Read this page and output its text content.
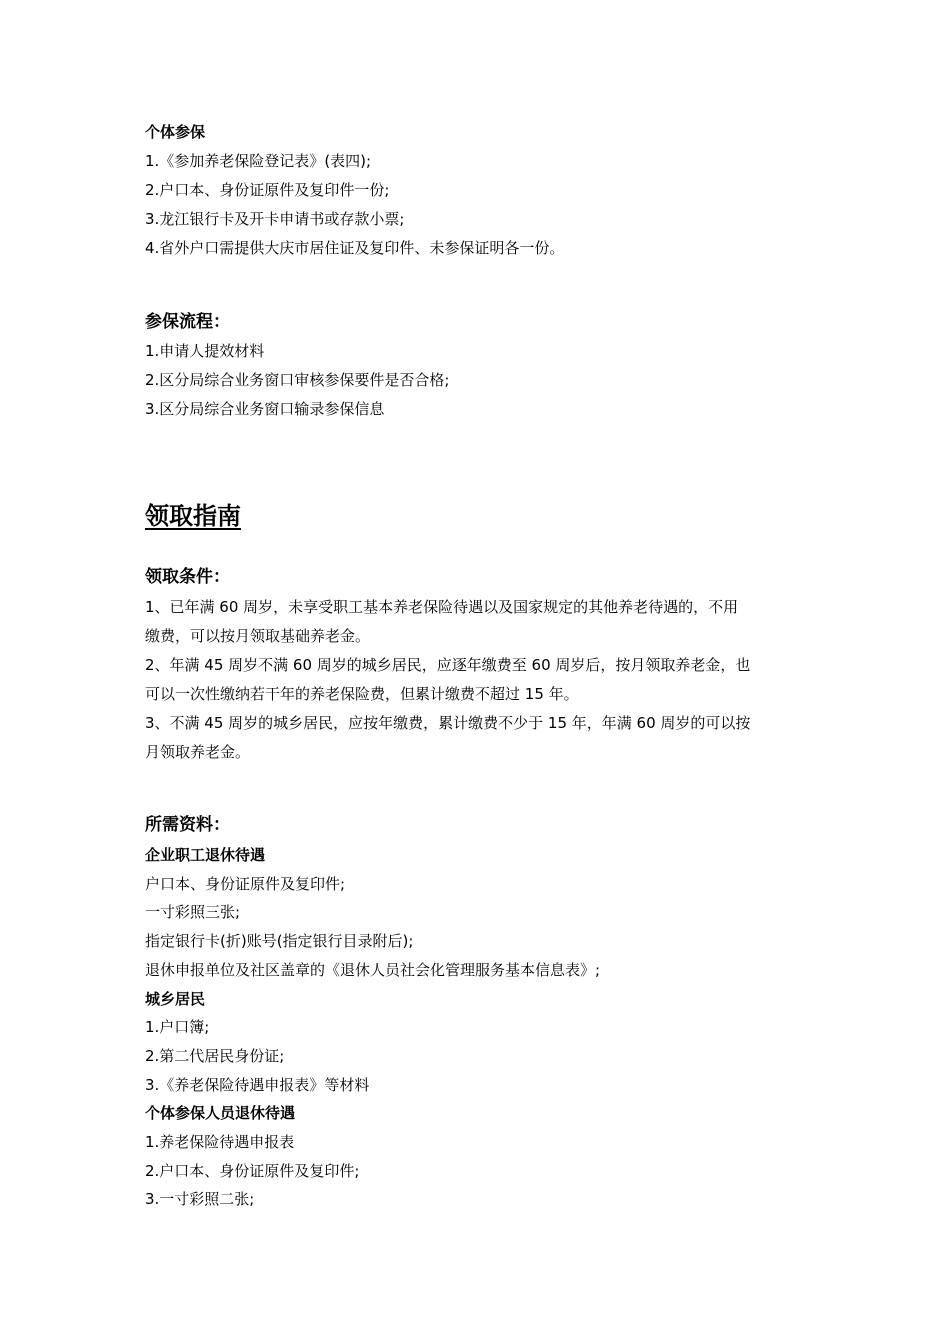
个体参保

1.《参加养老保险登记表》(表四);

2.户口本、身份证原件及复印件一份;

3.龙江银行卡及开卡申请书或存款小票;

4.省外户口需提供大庆市居住证及复印件、未参保证明各一份。

参保流程：

1.申请人提效材料

2.区分局综合业务窗口审核参保要件是否合格;

3.区分局综合业务窗口输录参保信息

领取指南

领取条件：

1、已年满 60 周岁，未享受职工基本养老保险待遇以及国家规定的其他养老待遇的，不用

缴费，可以按月领取基础养老金。

2、年满 45 周岁不满 60 周岁的城乡居民，应逐年缴费至 60 周岁后，按月领取养老金，也

可以一次性缴纳若干年的养老保险费，但累计缴费不超过 15 年。

3、不满 45 周岁的城乡居民，应按年缴费，累计缴费不少于 15 年，年满 60 周岁的可以按

月领取养老金。

所需资料：

企业职工退休待遇

户口本、身份证原件及复印件;

一寸彩照三张;

指定银行卡(折)账号(指定银行目录附后);

退休申报单位及社区盖章的《退休人员社会化管理服务基本信息表》;

城乡居民

1.户口簿;

2.第二代居民身份证;

3.《养老保险待遇申报表》等材料

个体参保人员退休待遇

1.养老保险待遇申报表

2.户口本、身份证原件及复印件;

3.一寸彩照二张;
